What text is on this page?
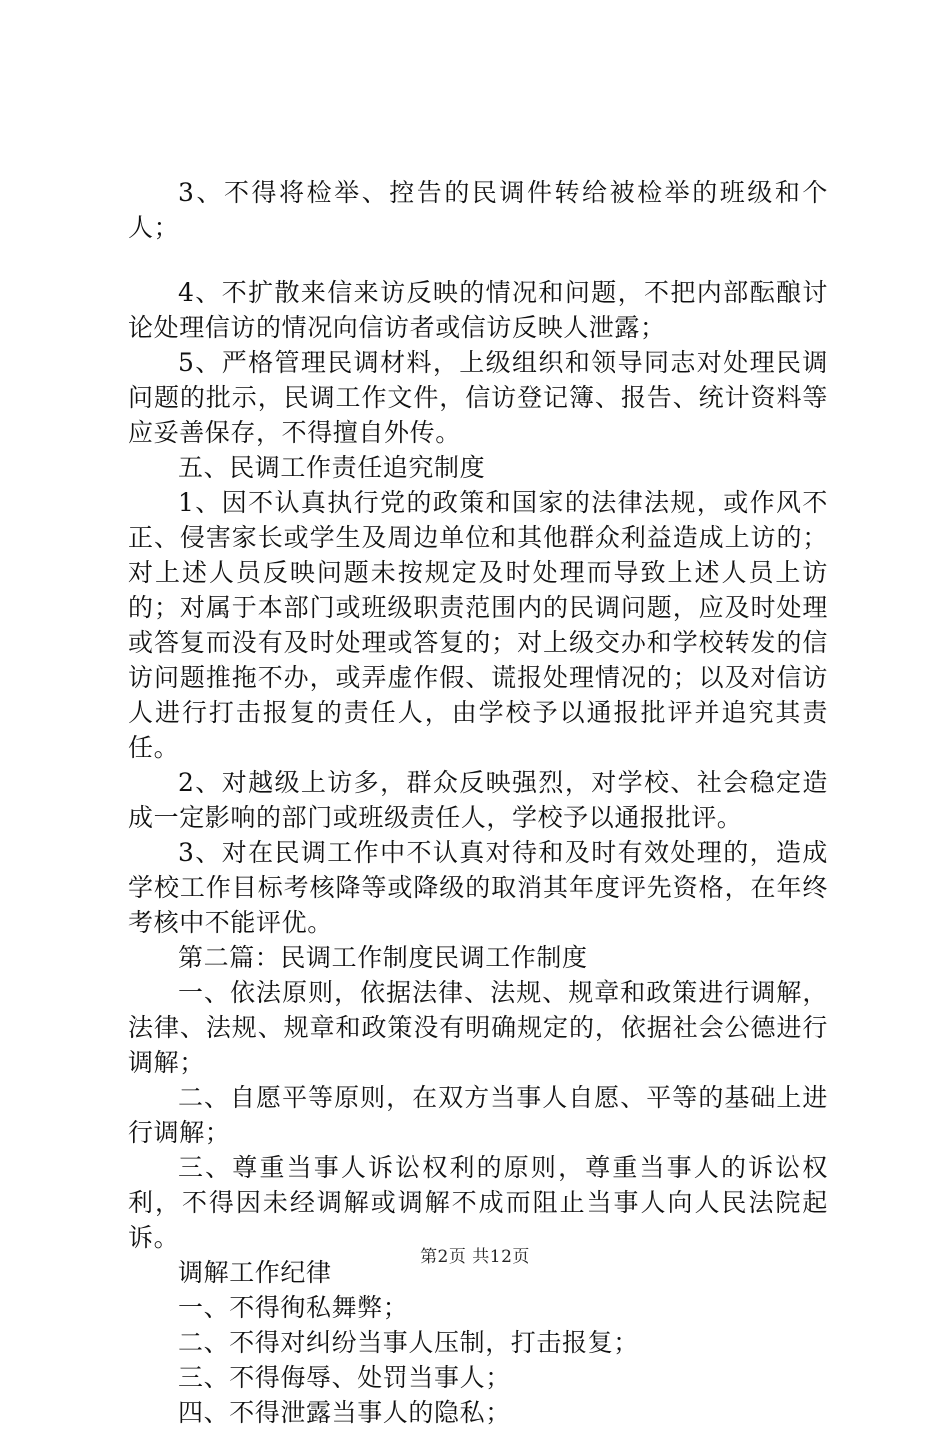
3、不得将检举、控告的民调件转给被检举的班级和个人；

4、不扩散来信来访反映的情况和问题，不把内部酝酿讨论处理信访的情况向信访者或信访反映人泄露；

5、严格管理民调材料，上级组织和领导同志对处理民调问题的批示，民调工作文件，信访登记簿、报告、统计资料等应妥善保存，不得擅自外传。

五、民调工作责任追究制度

1、因不认真执行党的政策和国家的法律法规，或作风不正、侵害家长或学生及周边单位和其他群众利益造成上访的；对上述人员反映问题未按规定及时处理而导致上述人员上访的；对属于本部门或班级职责范围内的民调问题，应及时处理或答复而没有及时处理或答复的；对上级交办和学校转发的信访问题推拖不办，或弄虚作假、谎报处理情况的；以及对信访人进行打击报复的责任人，由学校予以通报批评并追究其责任。

2、对越级上访多，群众反映强烈，对学校、社会稳定造成一定影响的部门或班级责任人，学校予以通报批评。

3、对在民调工作中不认真对待和及时有效处理的，造成学校工作目标考核降等或降级的取消其年度评先资格，在年终考核中不能评优。

第二篇：民调工作制度民调工作制度

一、依法原则，依据法律、法规、规章和政策进行调解，法律、法规、规章和政策没有明确规定的，依据社会公德进行调解；

二、自愿平等原则，在双方当事人自愿、平等的基础上进行调解；

三、尊重当事人诉讼权利的原则，尊重当事人的诉讼权利，不得因未经调解或调解不成而阻止当事人向人民法院起诉。

调解工作纪律

一、不得徇私舞弊；

二、不得对纠纷当事人压制，打击报复；

三、不得侮辱、处罚当事人；

四、不得泄露当事人的隐私；

第2页 共12页
